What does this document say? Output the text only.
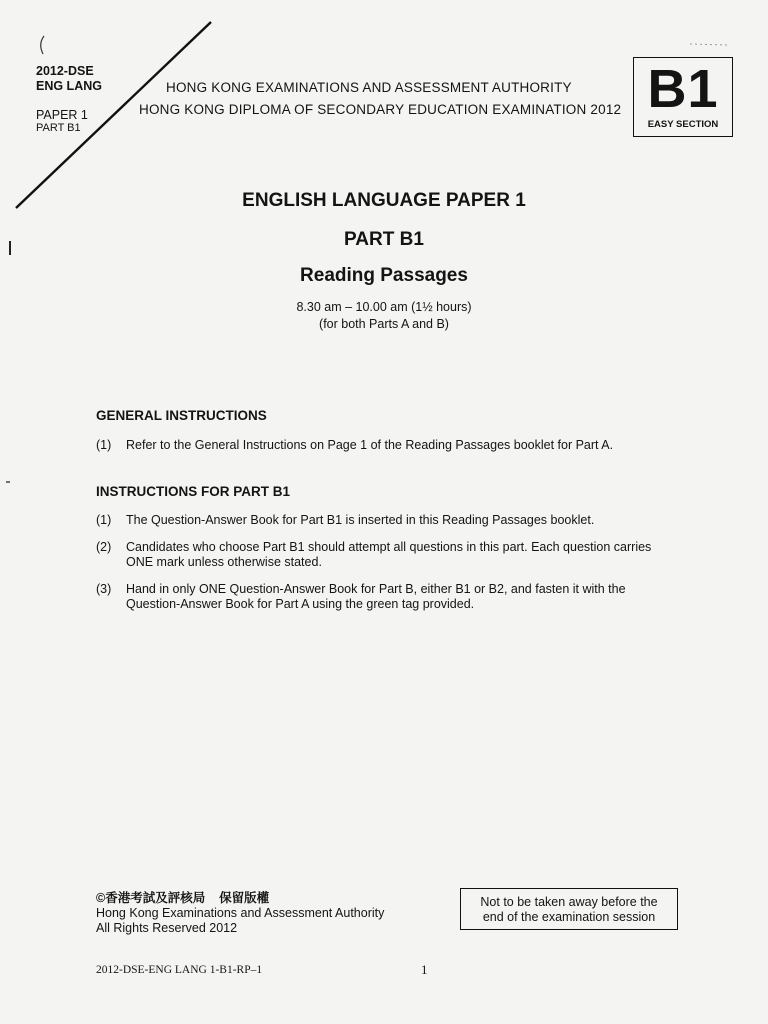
2012-DSE
ENG LANG
PAPER 1
PART B1
HONG KONG EXAMINATIONS AND ASSESSMENT AUTHORITY
HONG KONG DIPLOMA OF SECONDARY EDUCATION EXAMINATION 2012 B1
EASY SECTION
ENGLISH LANGUAGE PAPER 1
PART B1
Reading Passages
8.30 am – 10.00 am (1½ hours)
(for both Parts A and B)
GENERAL INSTRUCTIONS
(1) Refer to the General Instructions on Page 1 of the Reading Passages booklet for Part A.
INSTRUCTIONS FOR PART B1
(1) The Question-Answer Book for Part B1 is inserted in this Reading Passages booklet.
(2) Candidates who choose Part B1 should attempt all questions in this part. Each question carries ONE mark unless otherwise stated.
(3) Hand in only ONE Question-Answer Book for Part B, either B1 or B2, and fasten it with the Question-Answer Book for Part A using the green tag provided.
©香港考試及評核局    保留版權
Hong Kong Examinations and Assessment Authority
All Rights Reserved 2012
Not to be taken away before the
end of the examination session
2012-DSE-ENG LANG 1-B1-RP–1	1
